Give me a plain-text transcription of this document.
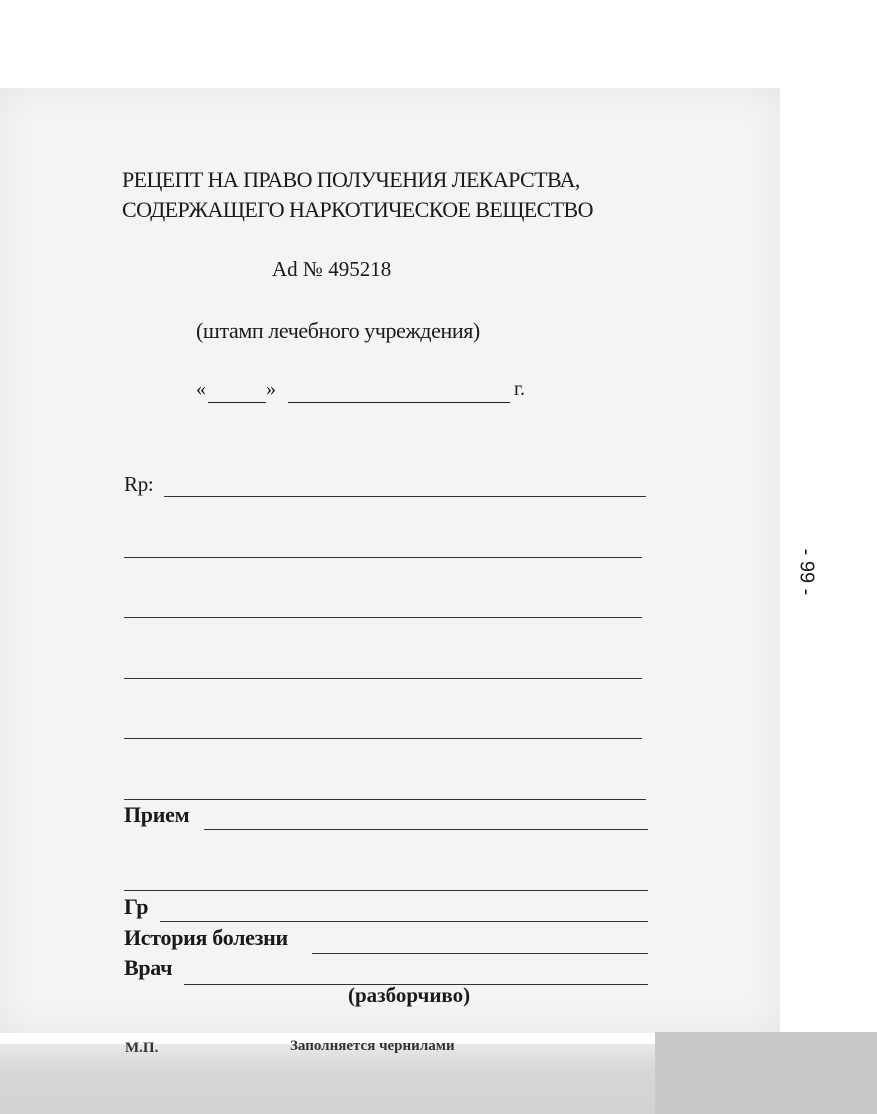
РЕЦЕПТ НА ПРАВО ПОЛУЧЕНИЯ ЛЕКАРСТВА,
СОДЕРЖАЩЕГО НАРКОТИЧЕСКОЕ ВЕЩЕСТВО
Ad № 495218
(штамп лечебного учреждения)
«	»	г.
Rp:
Прием
Гр
История болезни
Врач
(разборчиво)
М.П.	Заполняется чернилами
- 99 -
